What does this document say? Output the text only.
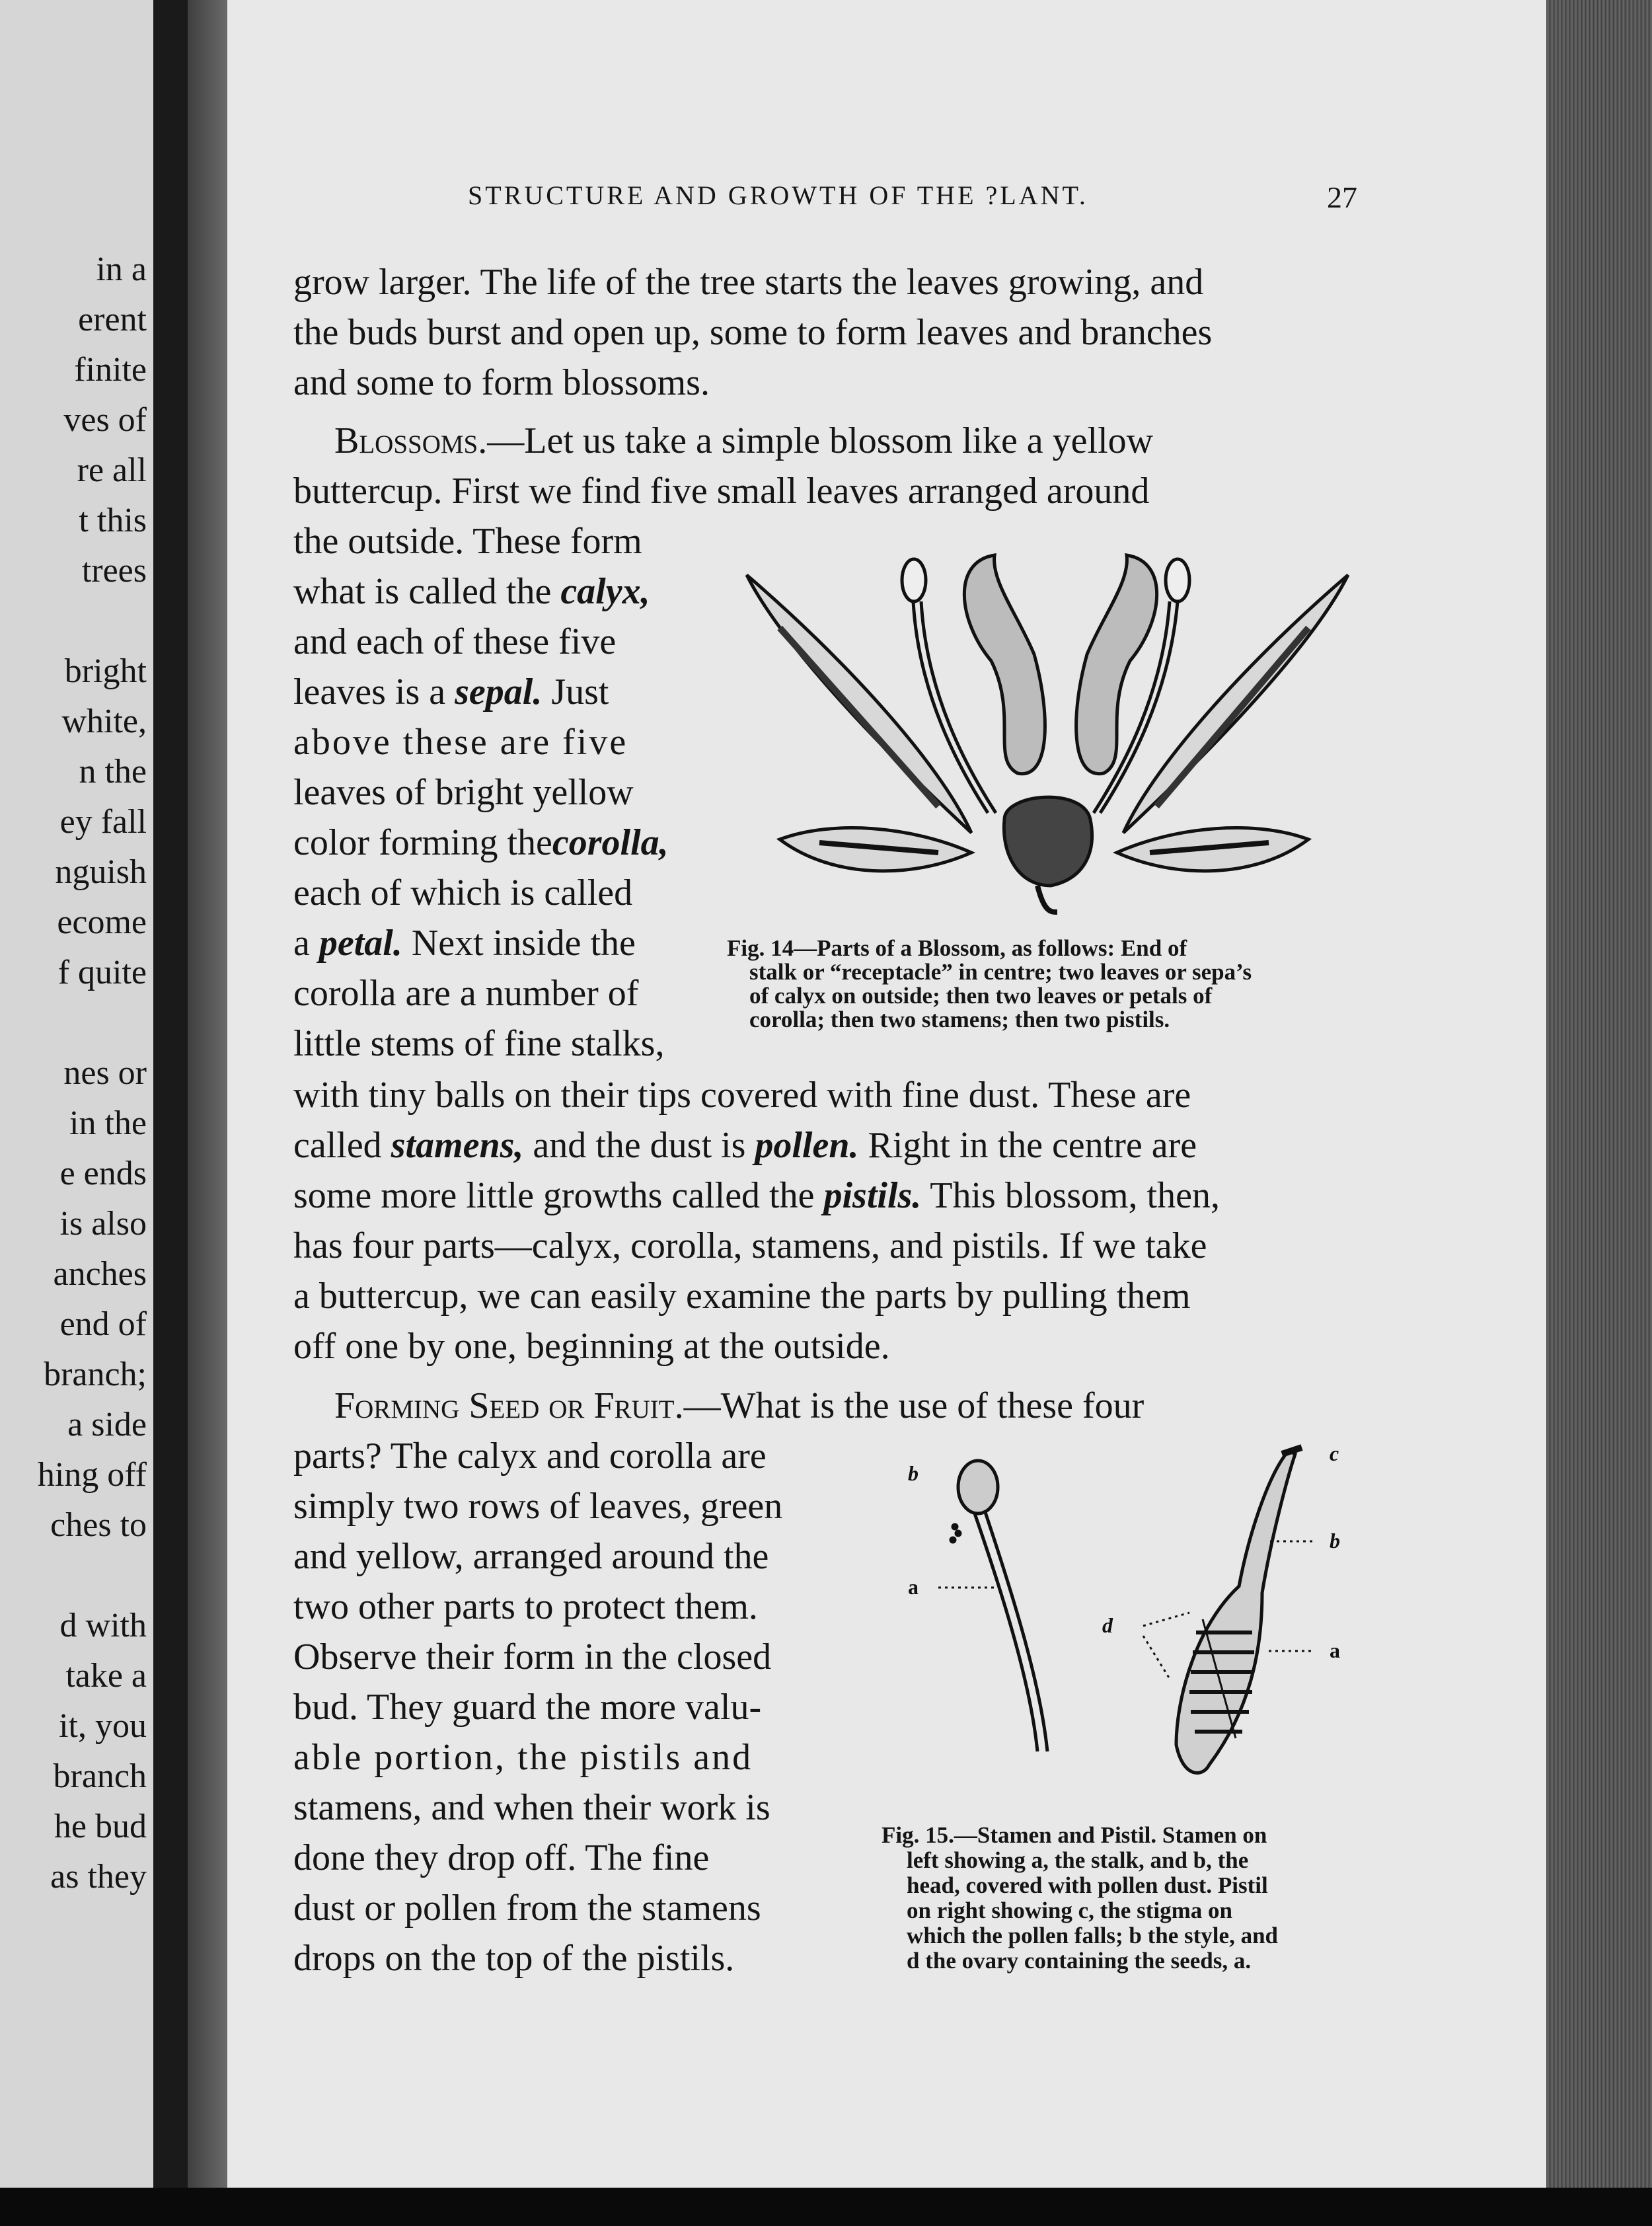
in a
erent
finite
ves of
re all
t this
trees
bright
white,
n the
ey fall
nguish
ecome
f quite
nes or
in the
e ends
is also
anches
end of
branch;
a side
hing off
ches to
d with
take a
it, you
branch
he bud
as they
STRUCTURE AND GROWTH OF THE ?LANT.	27
grow larger. The life of the tree starts the leaves growing, and
the buds burst and open up, some to form leaves and branches
and some to form blossoms.
Blossoms.—Let us take a simple blossom like a yellow
buttercup. First we find five small leaves arranged around
the outside. These form
what is called the calyx,
and each of these five
leaves is a sepal. Just
above these are five
leaves of bright yellow
color forming thecorolla,
each of which is called
a petal. Next inside the
corolla are a number of
little stems of fine stalks,
with tiny balls on their tips covered with fine dust. These are
called stamens, and the dust is pollen. Right in the centre are
some more little growths called the pistils. This blossom, then,
has four parts—calyx, corolla, stamens, and pistils. If we take
a buttercup, we can easily examine the parts by pulling them
off one by one, beginning at the outside.
Forming Seed or Fruit.—What is the use of these four
parts? The calyx and corolla are
simply two rows of leaves, green
and yellow, arranged around the
two other parts to protect them.
Observe their form in the closed
bud. They guard the more valu-
able portion, the pistils and
stamens, and when their work is
done they drop off. The fine
dust or pollen from the stamens
drops on the top of the pistils.
Fig. 14—Parts of a Blossom, as follows: End of
stalk or “receptacle” in centre; two leaves or sepa’s
of calyx on outside; then two leaves or petals of
corolla; then two stamens; then two pistils.
b
a
c
b
a
d
Fig. 15.—Stamen and Pistil. Stamen on
left showing a, the stalk, and b, the
head, covered with pollen dust. Pistil
on right showing c, the stigma on
which the pollen falls; b the style, and
d the ovary containing the seeds, a.
